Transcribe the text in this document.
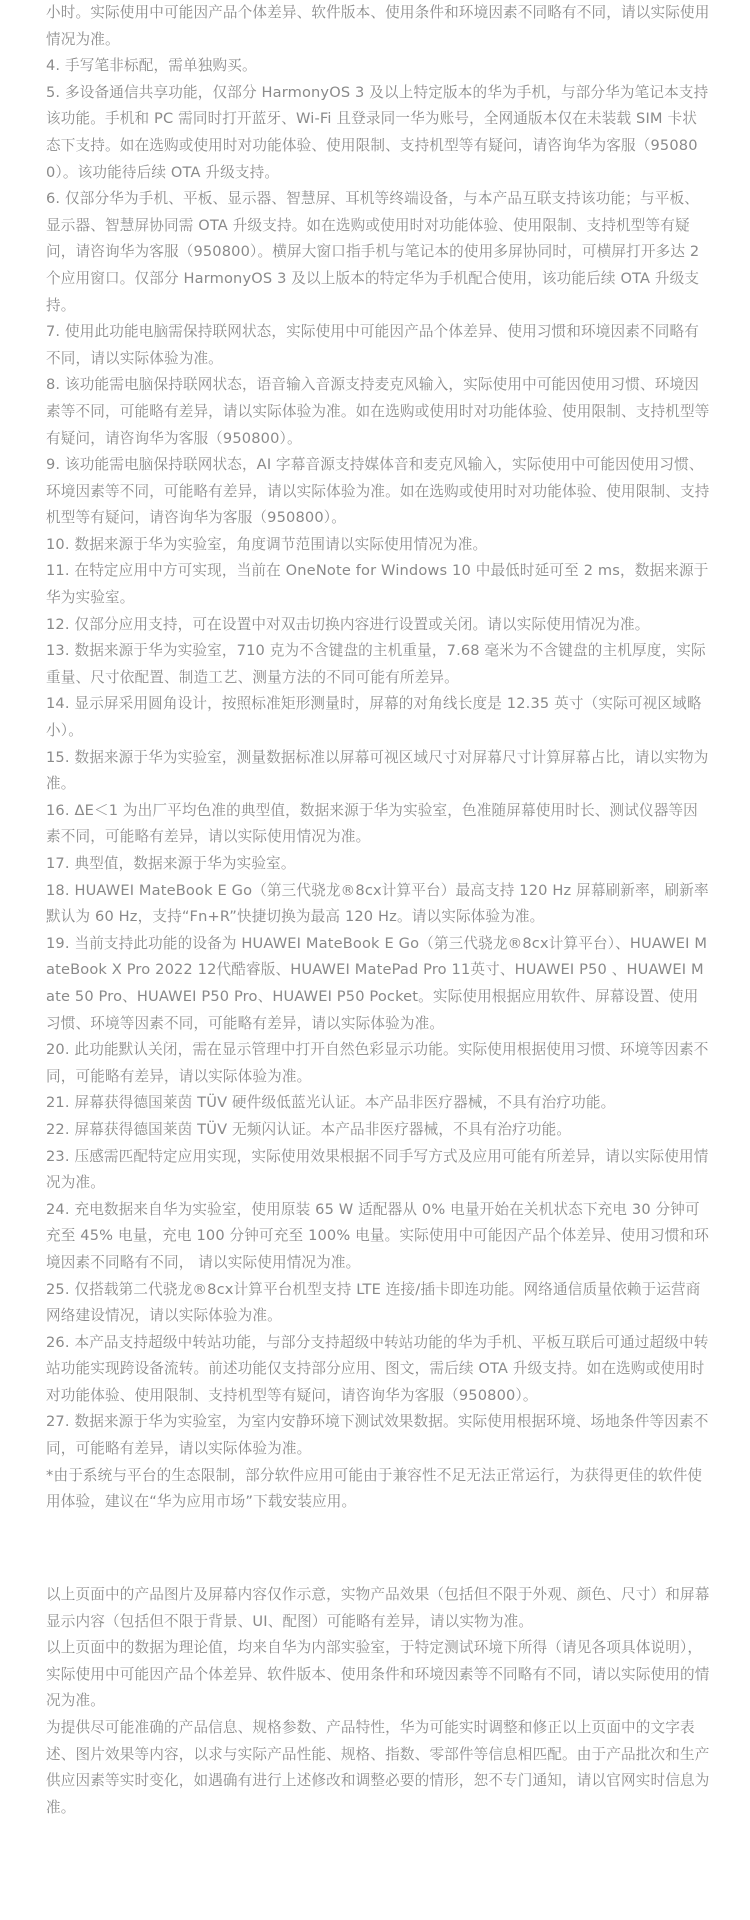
小时。实际使用中可能因产品个体差异、软件版本、使用条件和环境因素不同略有不同，请以实际使用情况为准。

4. 手写笔非标配，需单独购买。

5. 多设备通信共享功能，仅部分 HarmonyOS 3 及以上特定版本的华为手机，与部分华为笔记本支持该功能。手机和 PC 需同时打开蓝牙、Wi-Fi 且登录同一华为账号，全网通版本仅在未装载 SIM 卡状态下支持。如在选购或使用时对功能体验、使用限制、支持机型等有疑问，请咨询华为客服（950800）。该功能待后续 OTA 升级支持。

6. 仅部分华为手机、平板、显示器、智慧屏、耳机等终端设备，与本产品互联支持该功能；与平板、显示器、智慧屏协同需 OTA 升级支持。如在选购或使用时对功能体验、使用限制、支持机型等有疑问，请咨询华为客服（950800）。横屏大窗口指手机与笔记本的使用多屏协同时，可横屏打开多达 2 个应用窗口。仅部分 HarmonyOS 3 及以上版本的特定华为手机配合使用，该功能后续 OTA 升级支持。

7. 使用此功能电脑需保持联网状态，实际使用中可能因产品个体差异、使用习惯和环境因素不同略有不同，请以实际体验为准。

8. 该功能需电脑保持联网状态，语音输入音源支持麦克风输入，实际使用中可能因使用习惯、环境因素等不同，可能略有差异，请以实际体验为准。如在选购或使用时对功能体验、使用限制、支持机型等有疑问，请咨询华为客服（950800）。

9. 该功能需电脑保持联网状态，AI 字幕音源支持媒体音和麦克风输入，实际使用中可能因使用习惯、环境因素等不同，可能略有差异，请以实际体验为准。如在选购或使用时对功能体验、使用限制、支持机型等有疑问，请咨询华为客服（950800）。

10. 数据来源于华为实验室，角度调节范围请以实际使用情况为准。

11. 在特定应用中方可实现，当前在 OneNote for Windows 10 中最低时延可至 2 ms，数据来源于华为实验室。

12. 仅部分应用支持，可在设置中对双击切换内容进行设置或关闭。请以实际使用情况为准。

13. 数据来源于华为实验室，710 克为不含键盘的主机重量，7.68 毫米为不含键盘的主机厚度，实际重量、尺寸依配置、制造工艺、测量方法的不同可能有所差异。

14. 显示屏采用圆角设计，按照标准矩形测量时，屏幕的对角线长度是 12.35 英寸（实际可视区域略小）。

15. 数据来源于华为实验室，测量数据标准以屏幕可视区域尺寸对屏幕尺寸计算屏幕占比，请以实物为准。

16. ΔE＜1 为出厂平均色准的典型值，数据来源于华为实验室，色准随屏幕使用时长、测试仪器等因素不同，可能略有差异，请以实际使用情况为准。

17. 典型值，数据来源于华为实验室。

18. HUAWEI MateBook E Go（第三代骁龙®8cx计算平台）最高支持 120 Hz 屏幕刷新率，刷新率默认为 60 Hz，支持“Fn+R”快捷切换为最高 120 Hz。请以实际体验为准。

19. 当前支持此功能的设备为 HUAWEI MateBook E Go（第三代骁龙®8cx计算平台）、HUAWEI MateBook X Pro 2022 12代酷睿版、HUAWEI MatePad Pro 11英寸、HUAWEI P50 、HUAWEI Mate 50 Pro、HUAWEI P50 Pro、HUAWEI P50 Pocket。实际使用根据应用软件、屏幕设置、使用习惯、环境等因素不同，可能略有差异，请以实际体验为准。

20. 此功能默认关闭，需在显示管理中打开自然色彩显示功能。实际使用根据使用习惯、环境等因素不同，可能略有差异，请以实际体验为准。

21. 屏幕获得德国莱茵 TÜV 硬件级低蓝光认证。本产品非医疗器械，不具有治疗功能。

22. 屏幕获得德国莱茵 TÜV 无频闪认证。本产品非医疗器械，不具有治疗功能。

23. 压感需匹配特定应用实现，实际使用效果根据不同手写方式及应用可能有所差异，请以实际使用情况为准。

24. 充电数据来自华为实验室，使用原装 65 W 适配器从 0% 电量开始在关机状态下充电 30 分钟可充至 45% 电量，充电 100 分钟可充至 100% 电量。实际使用中可能因产品个体差异、使用习惯和环境因素不同略有不同， 请以实际使用情况为准。

25. 仅搭载第二代骁龙®8cx计算平台机型支持 LTE 连接/插卡即连功能。网络通信质量依赖于运营商网络建设情况，请以实际体验为准。

26. 本产品支持超级中转站功能，与部分支持超级中转站功能的华为手机、平板互联后可通过超级中转站功能实现跨设备流转。前述功能仅支持部分应用、图文，需后续 OTA 升级支持。如在选购或使用时对功能体验、使用限制、支持机型等有疑问，请咨询华为客服（950800）。

27. 数据来源于华为实验室，为室内安静环境下测试效果数据。实际使用根据环境、场地条件等因素不同，可能略有差异，请以实际体验为准。

*由于系统与平台的生态限制，部分软件应用可能由于兼容性不足无法正常运行，为获得更佳的软件使用体验，建议在“华为应用市场”下载安装应用。

以上页面中的产品图片及屏幕内容仅作示意，实物产品效果（包括但不限于外观、颜色、尺寸）和屏幕显示内容（包括但不限于背景、UI、配图）可能略有差异，请以实物为准。

以上页面中的数据为理论值，均来自华为内部实验室，于特定测试环境下所得（请见各项具体说明），实际使用中可能因产品个体差异、软件版本、使用条件和环境因素等不同略有不同，请以实际使用的情况为准。

为提供尽可能准确的产品信息、规格参数、产品特性，华为可能实时调整和修正以上页面中的文字表述、图片效果等内容，以求与实际产品性能、规格、指数、零部件等信息相匹配。由于产品批次和生产供应因素等实时变化，如遇确有进行上述修改和调整必要的情形，恕不专门通知，请以官网实时信息为准。
